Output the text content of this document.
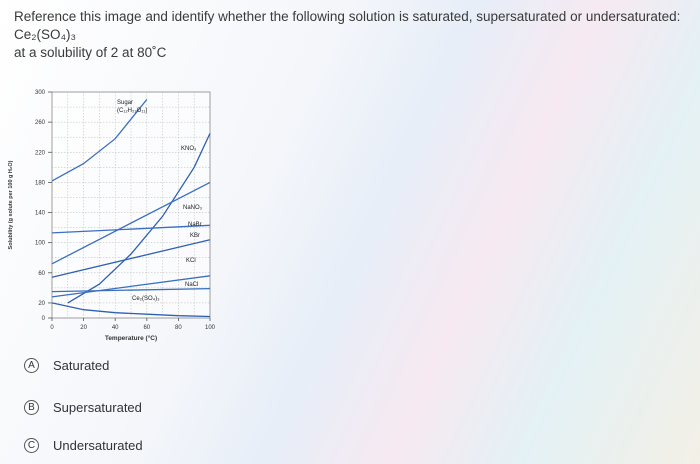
Reference this image and identify whether the following solution is saturated, supersaturated or undersaturated:
Ce₂(SO₄)₃
at a solubility of 2 at 80˚C
0
20
60
100
140
180
220
260
300
0	20	40	60	80	100
Temperature (°C)
Solubility (g solute per 100 g H₂O)
Sugar
(C₁₂H₂₂O₁₁)
KNO₃
NaNO₃
NaBr
KBr
KCl
NaCl
Ce₂(SO₄)₃
A	Saturated
B	Supersaturated
C Undersaturated
